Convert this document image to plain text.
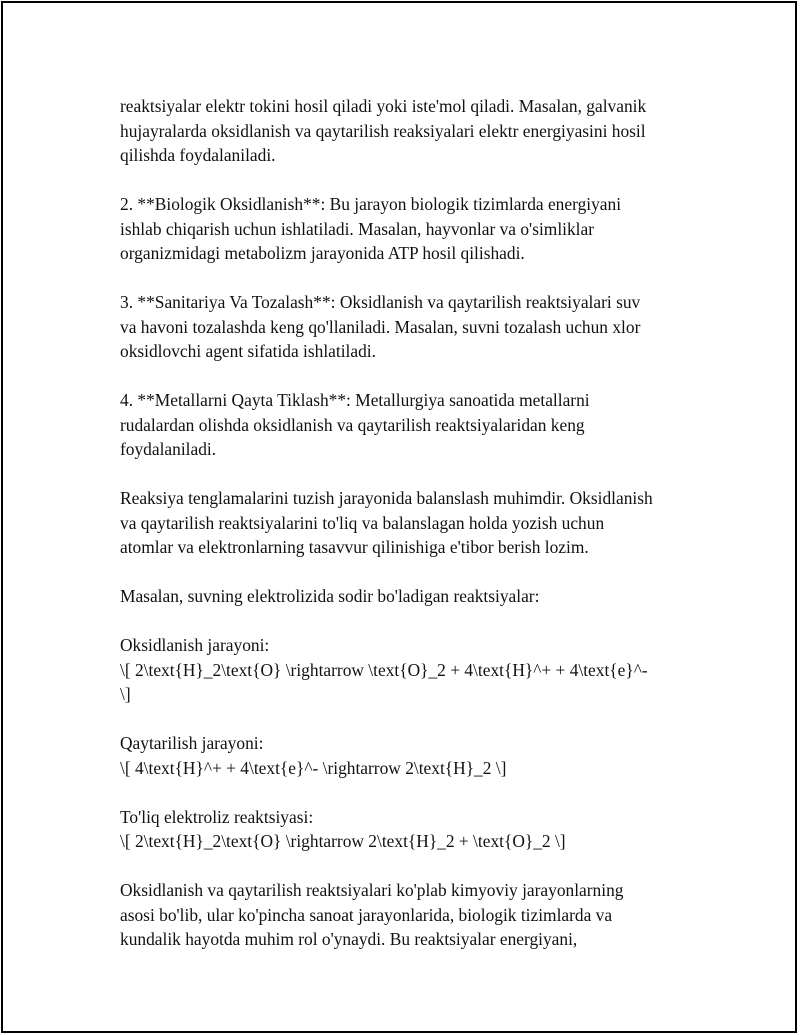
reaktsiyalar elektr tokini hosil qiladi yoki iste'mol qiladi. Masalan, galvanik
hujayralarda oksidlanish va qaytarilish reaksiyalari elektr energiyasini hosil
qilishda foydalaniladi.

2. **Biologik Oksidlanish**: Bu jarayon biologik tizimlarda energiyani
ishlab chiqarish uchun ishlatiladi. Masalan, hayvonlar va o'simliklar
organizmidagi metabolizm jarayonida ATP hosil qilishadi.

3. **Sanitariya Va Tozalash**: Oksidlanish va qaytarilish reaktsiyalari suv
va havoni tozalashda keng qo'llaniladi. Masalan, suvni tozalash uchun xlor
oksidlovchi agent sifatida ishlatiladi.

4. **Metallarni Qayta Tiklash**: Metallurgiya sanoatida metallarni
rudalardan olishda oksidlanish va qaytarilish reaktsiyalaridan keng
foydalaniladi.

Reaksiya tenglamalarini tuzish jarayonida balanslash muhimdir. Oksidlanish
va qaytarilish reaktsiyalarini to'liq va balanslagan holda yozish uchun
atomlar va elektronlarning tasavvur qilinishiga e'tibor berish lozim.

Masalan, suvning elektrolizida sodir bo'ladigan reaktsiyalar:

Oksidlanish jarayoni:
\[ 2\text{H}_2\text{O} \rightarrow \text{O}_2 + 4\text{H}^+ + 4\text{e}^-
\]

Qaytarilish jarayoni:
\[ 4\text{H}^+ + 4\text{e}^- \rightarrow 2\text{H}_2 \]

To'liq elektroliz reaktsiyasi:
\[ 2\text{H}_2\text{O} \rightarrow 2\text{H}_2 + \text{O}_2 \]

Oksidlanish va qaytarilish reaktsiyalari ko'plab kimyoviy jarayonlarning
asosi bo'lib, ular ko'pincha sanoat jarayonlarida, biologik tizimlarda va
kundalik hayotda muhim rol o'ynaydi. Bu reaktsiyalar energiyani,
